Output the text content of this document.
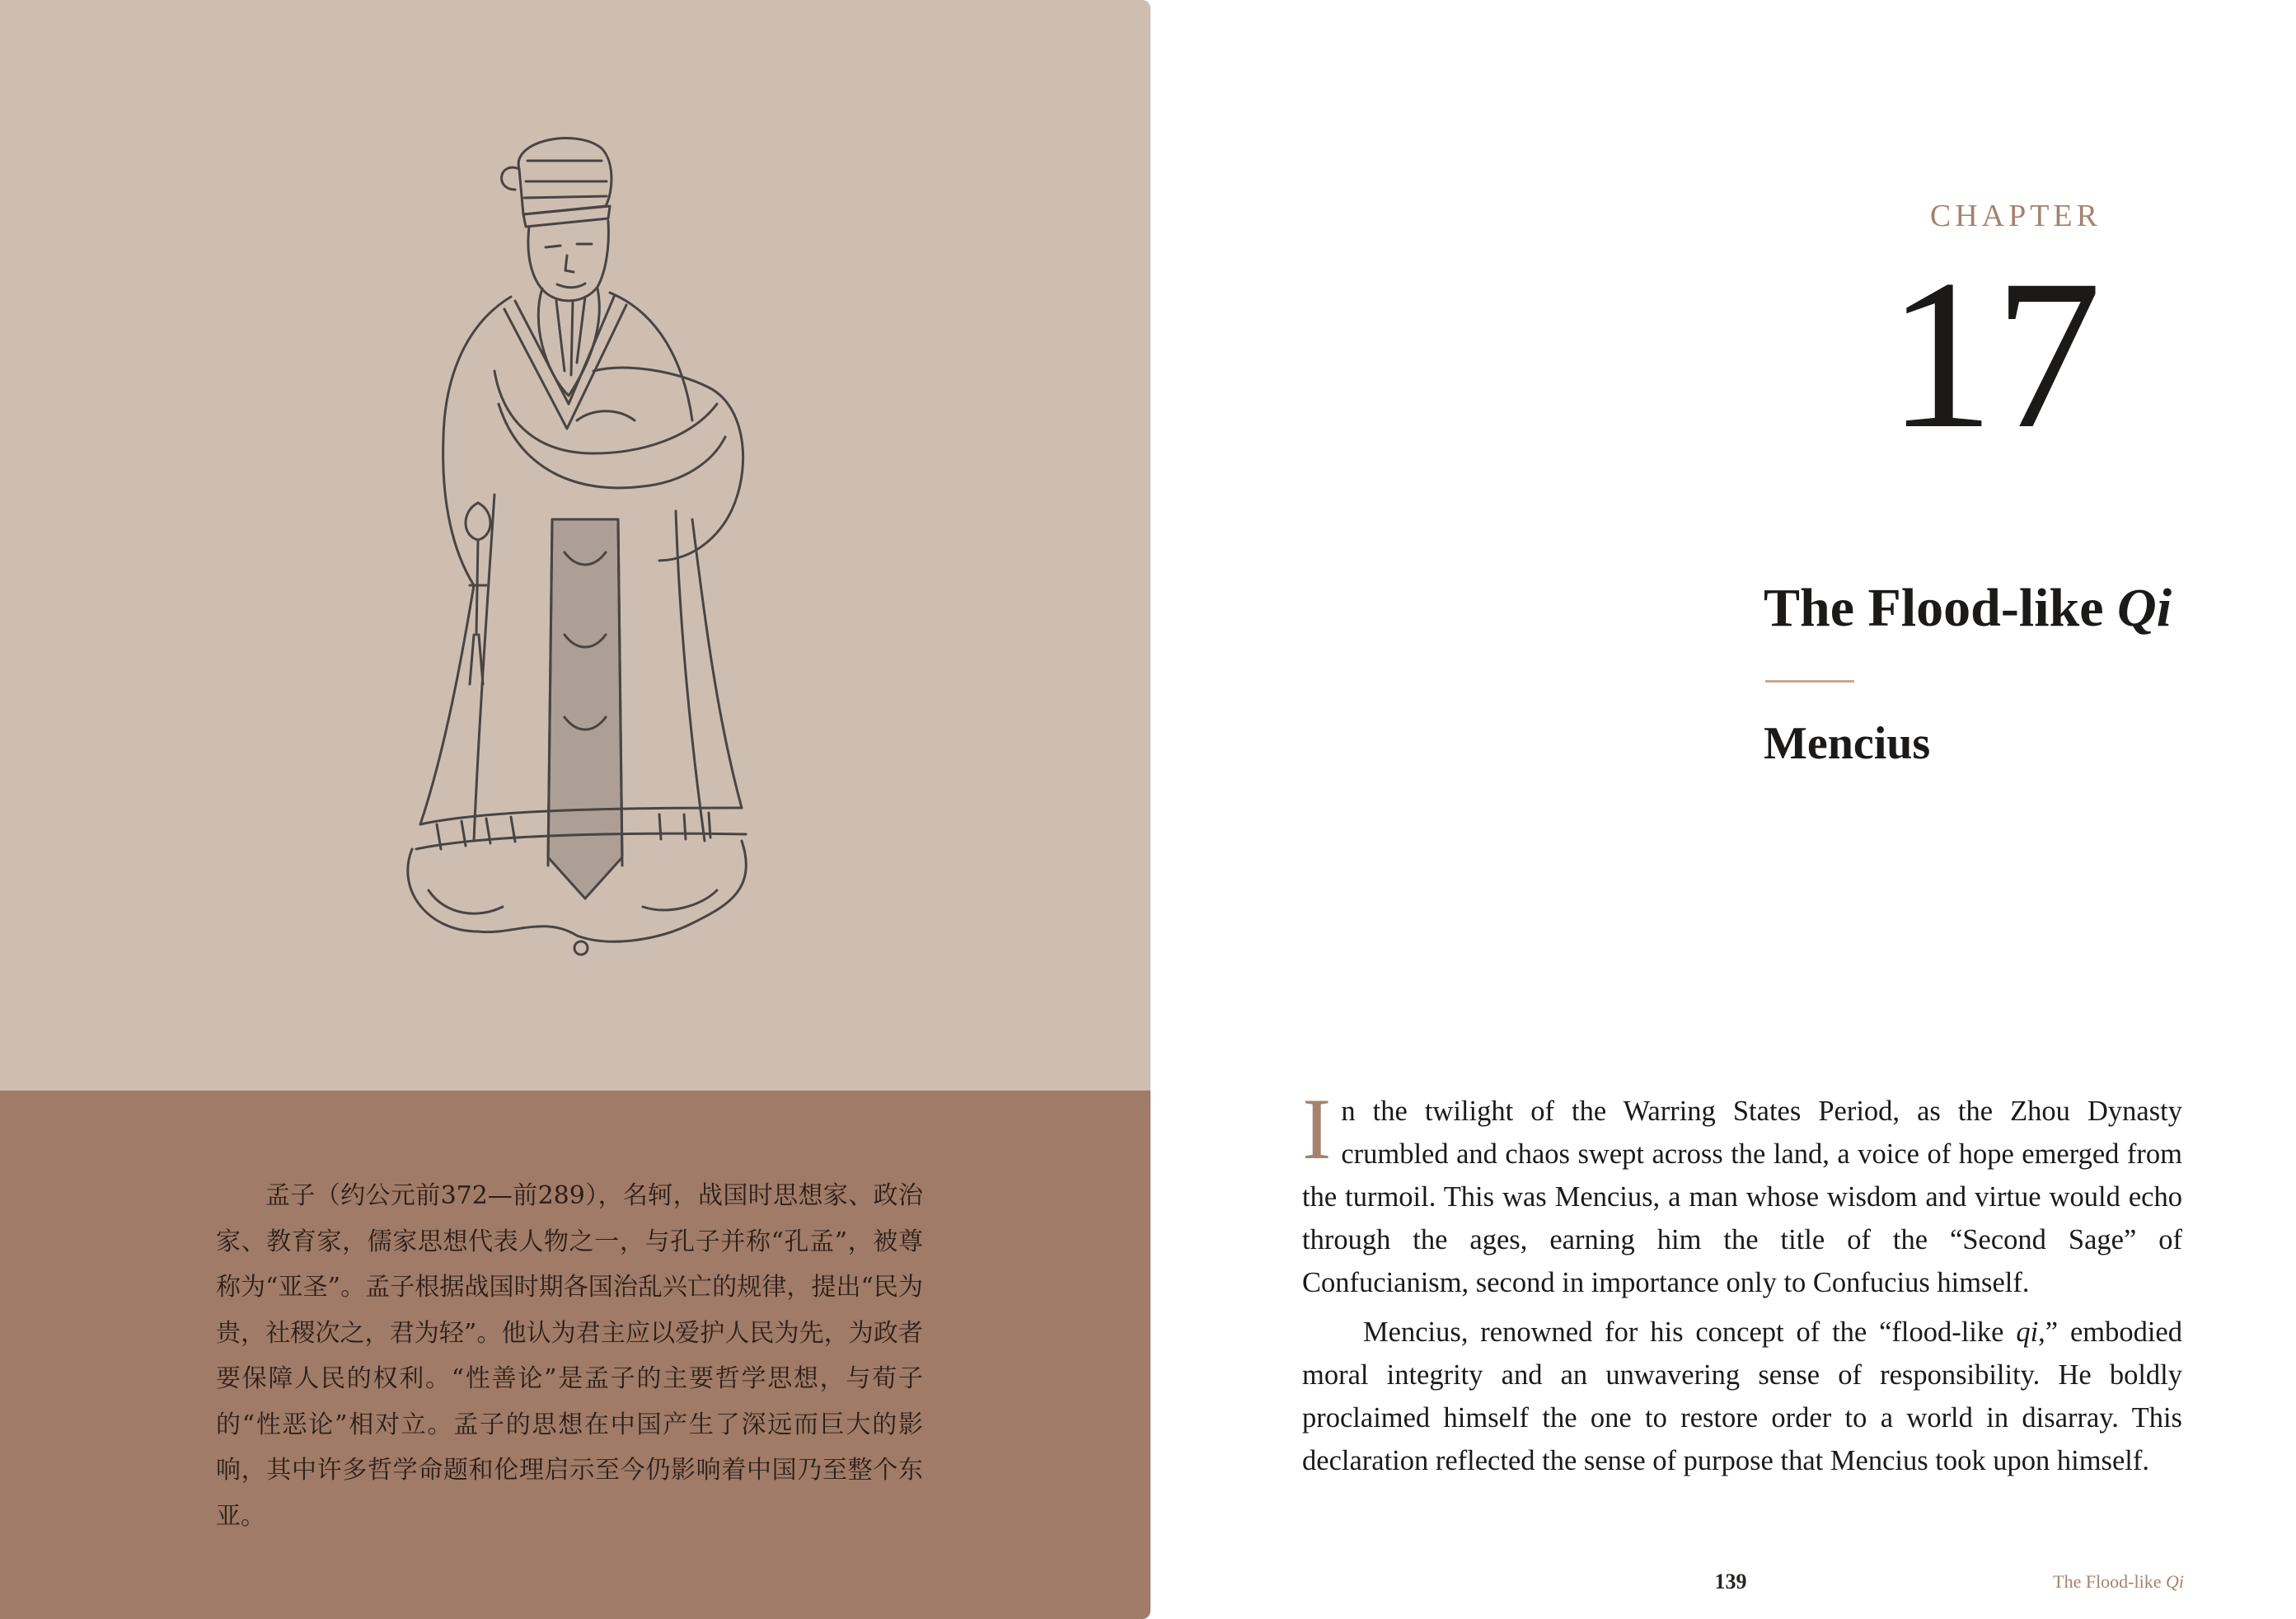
孟子（约公元前372—前289），名轲，战国时思想家、政治家、教育家，儒家思想代表人物之一，与孔子并称“孔孟”，被尊称为“亚圣”。孟子根据战国时期各国治乱兴亡的规律，提出“民为贵，社稷次之，君为轻”。他认为君主应以爱护人民为先，为政者要保障人民的权利。“性善论”是孟子的主要哲学思想，与荀子的“性恶论”相对立。孟子的思想在中国产生了深远而巨大的影响，其中许多哲学命题和伦理启示至今仍影响着中国乃至整个东亚。

CHAPTER

17
The Flood-like Qi
Mencius

In the twilight of the Warring States Period, as the Zhou Dynasty crumbled and chaos swept across the land, a voice of hope emerged from the turmoil. This was Mencius, a man whose wisdom and virtue would echo through the ages, earning him the title of the “Second Sage” of Confucianism, second in importance only to Confucius himself.

Mencius, renowned for his concept of the “flood-like qi,” embodied moral integrity and an unwavering sense of responsibility. He boldly proclaimed himself the one to restore order to a world in disarray. This declaration reflected the sense of purpose that Mencius took upon himself.

139	The Flood-like Qi
